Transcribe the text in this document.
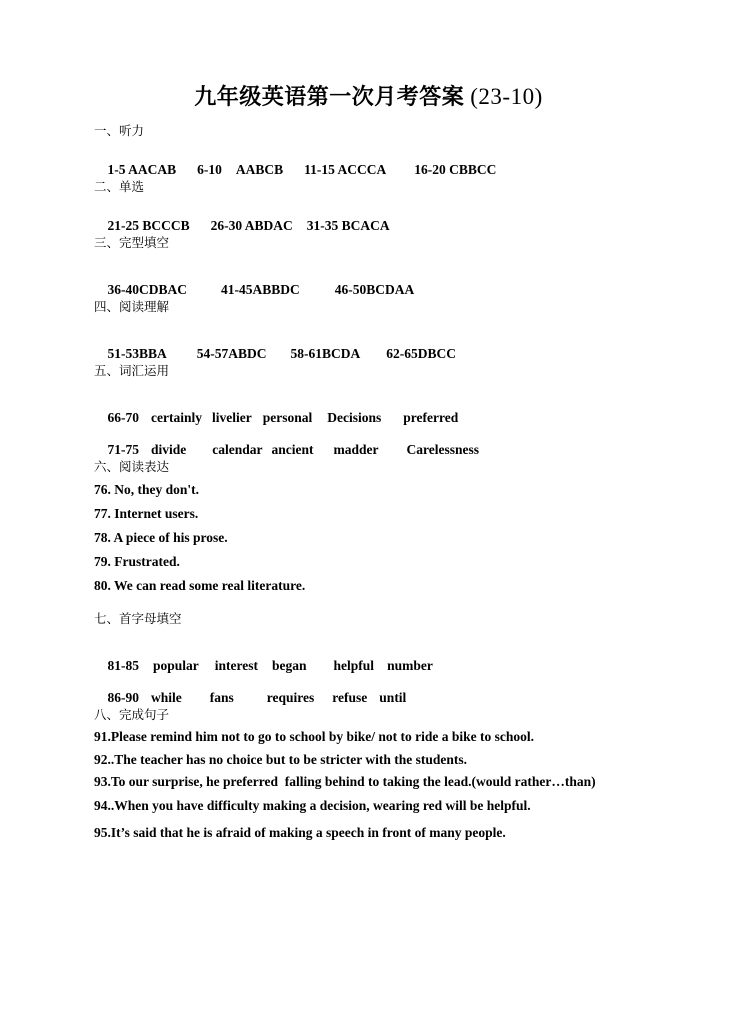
九年级英语第一次月考答案 (23-10)
一、听力

1-5 AACAB 6-10 AABCB 11-15 ACCCA 16-20 CBBCC

二、单选

21-25 BCCCB 26-30 ABDAC 31-35 BCACA

三、完型填空

36-40CDBAC	41-45ABBDC	46-50BCDAA

四、阅读理解

51-53BBA 54-57ABDC 58-61BCDA 62-65DBCC

五、词汇运用

66-70 certainly livelier personal Decisions preferred

71-75 divide calendar ancient madder Carelessness

六、阅读表达
76. No, they don't.
77. Internet users.
78. A piece of his prose.
79. Frustrated.
80. We can read some real literature.
七、首字母填空

81-85 popular interest began helpful number

86-90 while fans requires refuse until

八、完成句子
91.Please remind him not to go to school by bike/ not to ride a bike to school.
92..The teacher has no choice but to be stricter with the students.
93.To our surprise, he preferred  falling behind to taking the lead.(would rather…than)
94..When you have difficulty making a decision, wearing red will be helpful.
95.It’s said that he is afraid of making a speech in front of many people.
